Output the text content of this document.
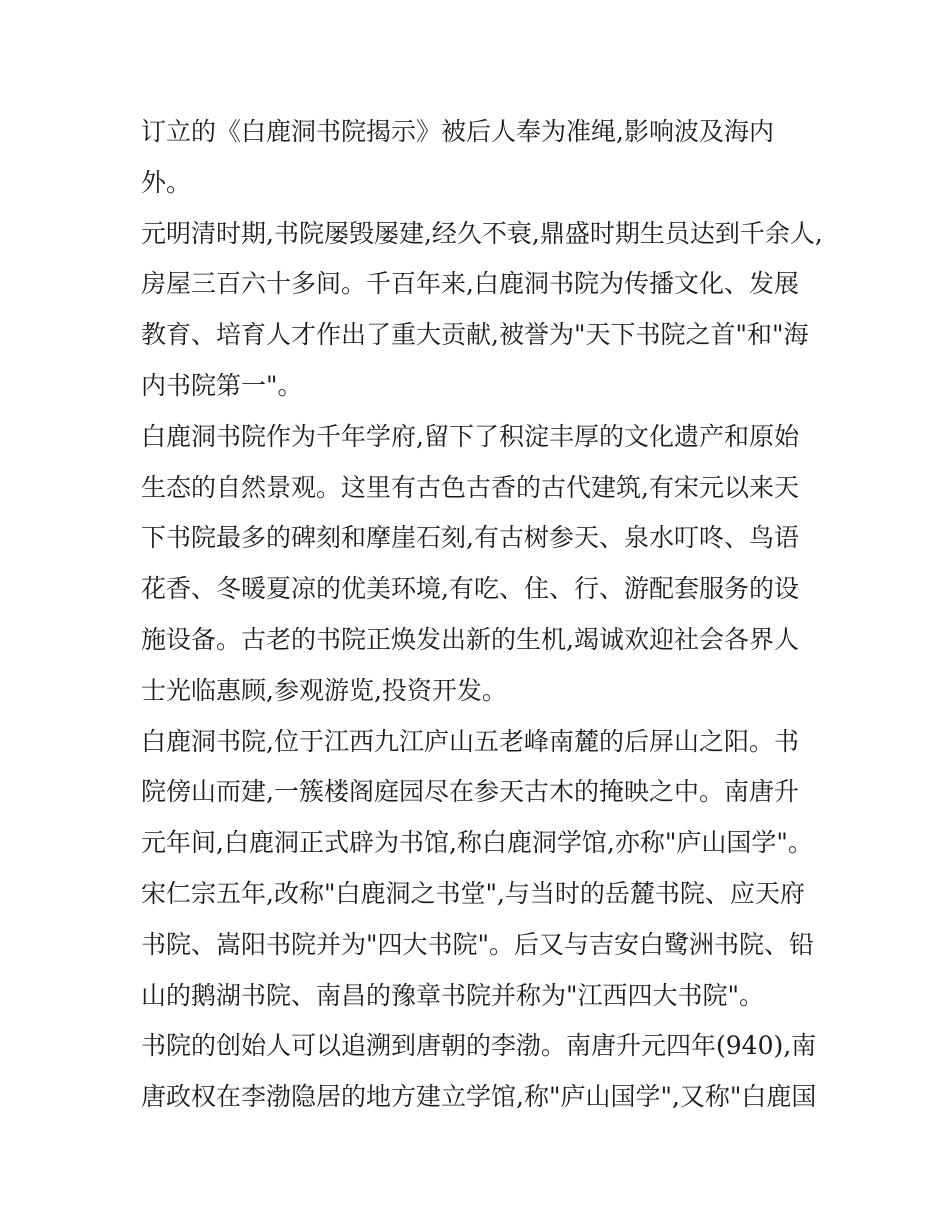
订立的《白鹿洞书院揭示》被后人奉为准绳,影响波及海内
外。
元明清时期,书院屡毁屡建,经久不衰,鼎盛时期生员达到千余人,
房屋三百六十多间。千百年来,白鹿洞书院为传播文化、发展
教育、培育人才作出了重大贡献,被誉为"天下书院之首"和"海
内书院第一"。
白鹿洞书院作为千年学府,留下了积淀丰厚的文化遗产和原始
生态的自然景观。这里有古色古香的古代建筑,有宋元以来天
下书院最多的碑刻和摩崖石刻,有古树参天、泉水叮咚、鸟语
花香、冬暖夏凉的优美环境,有吃、住、行、游配套服务的设
施设备。古老的书院正焕发出新的生机,竭诚欢迎社会各界人
士光临惠顾,参观游览,投资开发。
白鹿洞书院,位于江西九江庐山五老峰南麓的后屏山之阳。书
院傍山而建,一簇楼阁庭园尽在参天古木的掩映之中。南唐升
元年间,白鹿洞正式辟为书馆,称白鹿洞学馆,亦称"庐山国学"。
宋仁宗五年,改称"白鹿洞之书堂",与当时的岳麓书院、应天府
书院、嵩阳书院并为"四大书院"。后又与吉安白鹭洲书院、铅
山的鹅湖书院、南昌的豫章书院并称为"江西四大书院"。
书院的创始人可以追溯到唐朝的李渤。南唐升元四年(940),南
唐政权在李渤隐居的地方建立学馆,称"庐山国学",又称"白鹿国
